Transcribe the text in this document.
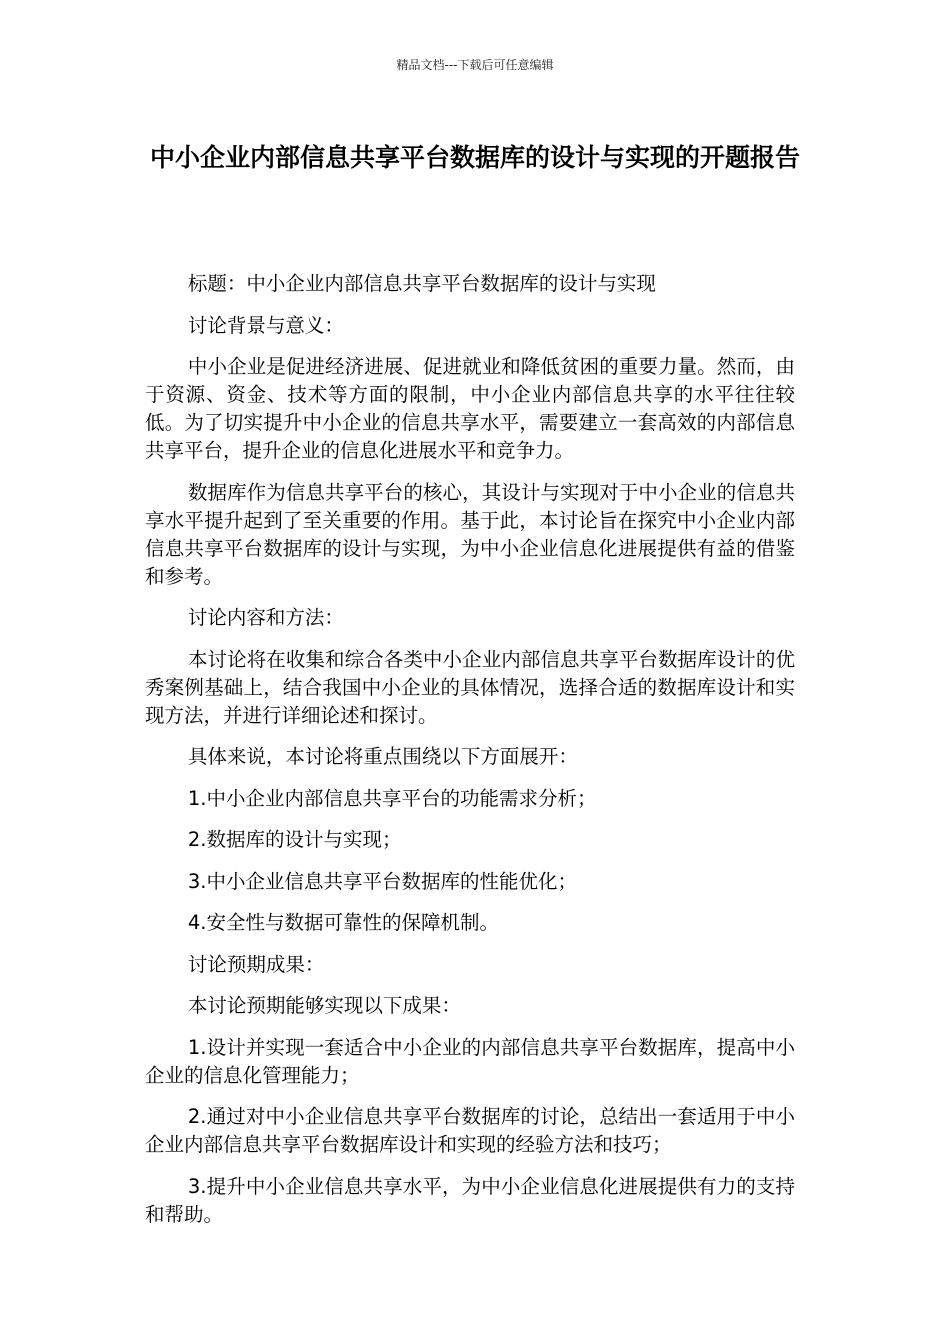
精品文档---下载后可任意编辑
中小企业内部信息共享平台数据库的设计与实现的开题报告

标题：中小企业内部信息共享平台数据库的设计与实现

讨论背景与意义：

中小企业是促进经济进展、促进就业和降低贫困的重要力量。然而，由于资源、资金、技术等方面的限制，中小企业内部信息共享的水平往往较低。为了切实提升中小企业的信息共享水平，需要建立一套高效的内部信息共享平台，提升企业的信息化进展水平和竞争力。

数据库作为信息共享平台的核心，其设计与实现对于中小企业的信息共享水平提升起到了至关重要的作用。基于此，本讨论旨在探究中小企业内部信息共享平台数据库的设计与实现，为中小企业信息化进展提供有益的借鉴和参考。

讨论内容和方法：

本讨论将在收集和综合各类中小企业内部信息共享平台数据库设计的优秀案例基础上，结合我国中小企业的具体情况，选择合适的数据库设计和实现方法，并进行详细论述和探讨。

具体来说，本讨论将重点围绕以下方面展开：

1.中小企业内部信息共享平台的功能需求分析；

2.数据库的设计与实现；

3.中小企业信息共享平台数据库的性能优化；

4.安全性与数据可靠性的保障机制。

讨论预期成果：

本讨论预期能够实现以下成果：

1.设计并实现一套适合中小企业的内部信息共享平台数据库，提高中小企业的信息化管理能力；

2.通过对中小企业信息共享平台数据库的讨论，总结出一套适用于中小企业内部信息共享平台数据库设计和实现的经验方法和技巧；

3.提升中小企业信息共享水平，为中小企业信息化进展提供有力的支持和帮助。
